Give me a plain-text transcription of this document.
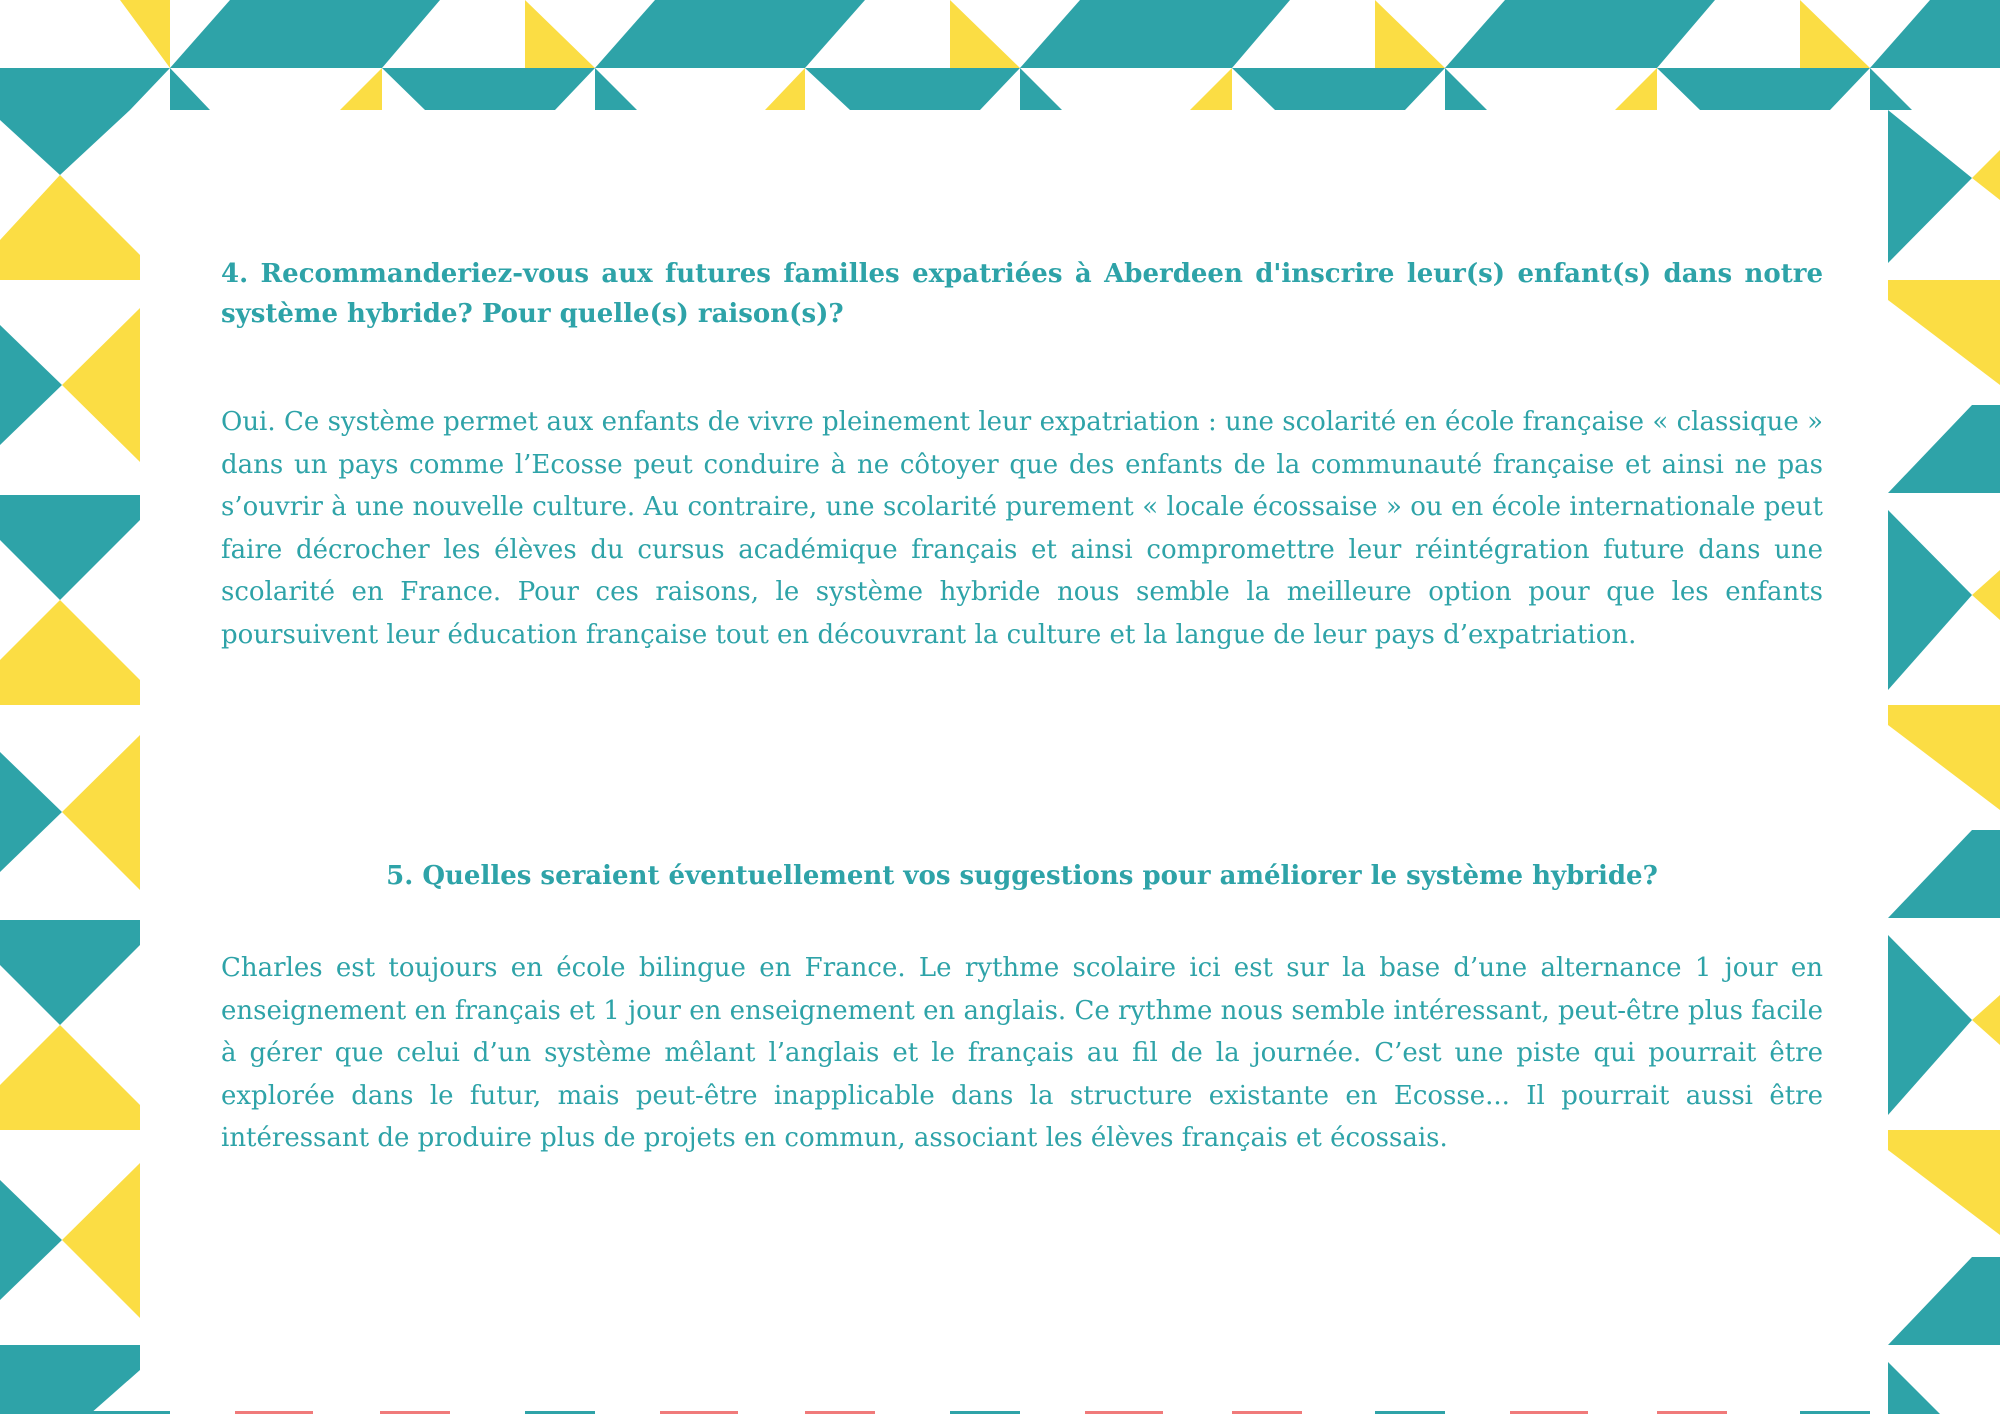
4. Recommanderiez-vous aux futures familles expatriées à Aberdeen d'inscrire leur(s) enfant(s) dans notre système hybride? Pour quelle(s) raison(s)?

Oui. Ce système permet aux enfants de vivre pleinement leur expatriation : une scolarité en école française « classique » dans un pays comme l’Ecosse peut conduire à ne côtoyer que des enfants de la communauté française et ainsi ne pas s’ouvrir à une nouvelle culture. Au contraire, une scolarité purement « locale écossaise » ou en école internationale peut faire décrocher les élèves du cursus académique français et ainsi compromettre leur réintégration future dans une scolarité en France. Pour ces raisons, le système hybride nous semble la meilleure option pour que les enfants poursuivent leur éducation française tout en découvrant la culture et la langue de leur pays d’expatriation.

5. Quelles seraient éventuellement vos suggestions pour améliorer le système hybride?

Charles est toujours en école bilingue en France. Le rythme scolaire ici est sur la base d’une alternance 1 jour en enseignement en français et 1 jour en enseignement en anglais. Ce rythme nous semble intéressant, peut-être plus facile à gérer que celui d’un système mêlant l’anglais et le français au fil de la journée. C’est une piste qui pourrait être explorée dans le futur, mais peut-être inapplicable dans la structure existante en Ecosse... Il pourrait aussi être intéressant de produire plus de projets en commun, associant les élèves français et écossais.
